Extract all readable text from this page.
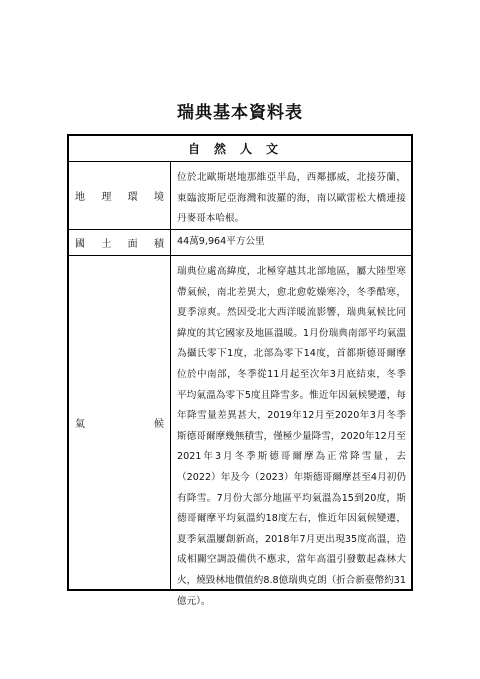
瑞典基本資料表
自然人文
地 理 環 境
位於北歐斯堪地那維亞半島，西鄰挪威，北接芬蘭，東臨波斯尼亞海灣和波羅的海，南以歐雷松大橋連接丹麥哥本哈根。
國 土 面 積	44萬9,964平方公里
氣	候
瑞典位處高緯度，北極穿越其北部地區，屬大陸型寒帶氣候，南北差異大，愈北愈乾燥寒冷，冬季酷寒，夏季涼爽。然因受北大西洋暖流影響，瑞典氣候比同緯度的其它國家及地區溫暖。1月份瑞典南部平均氣溫為攝氏零下1度，北部為零下14度，首都斯德哥爾摩位於中南部，冬季從11月起至次年3月底結束，冬季平均氣溫為零下5度且降雪多。惟近年因氣候變遷，每年降雪量差異甚大，2019年12月至2020年3月冬季斯德哥爾摩幾無積雪，僅極少量降雪，2020年12月至2021年3月冬季斯德哥爾摩為正常降雪量，去（2022）年及今（2023）年斯德哥爾摩甚至4月初仍有降雪。7月份大部分地區平均氣溫為15到20度，斯德哥爾摩平均氣溫約18度左右，惟近年因氣候變遷，夏季氣溫屢創新高，2018年7月更出現35度高溫，造成相關空調設備供不應求，當年高溫引發數起森林大火，燒毀林地價值約8.8億瑞典克朗（折合新臺幣約31億元）。
